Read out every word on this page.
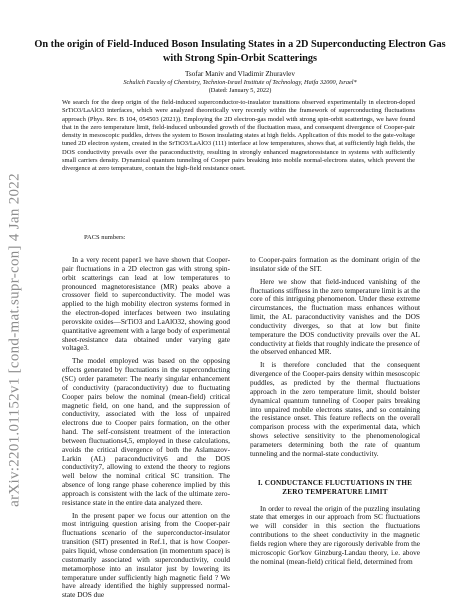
arXiv:2201.01152v1 [cond-mat.supr-con] 4 Jan 2022
On the origin of Field-Induced Boson Insulating States in a 2D Superconducting Electron Gas with Strong Spin-Orbit Scatterings
Tsofar Maniv and Vladimir Zhuravlev
Schulich Faculty of Chemistry, Technion-Israel Institute of Technology, Haifa 32000, Israel*
(Dated: January 5, 2022)
We search for the deep origin of the field-induced superconductor-to-insulator transitions observed experimentally in electron-doped SrTiO3/LaAlO3 interfaces, which were analyzed theoretically very recently within the framework of superconducting fluctuations approach (Phys. Rev. B 104, 054503 (2021)). Employing the 2D electron-gas model with strong spin-orbit scatterings, we have found that in the zero temperature limit, field-induced unbounded growth of the fluctuation mass, and consequent divergence of Cooper-pair density in mesoscopic puddles, drives the system to Boson insulating states at high fields. Application of this model to the gate-voltage tuned 2D electron system, created in the SrTiO3/LaAlO3 (111) interface at low temperatures, shows that, at sufficiently high fields, the DOS conductivity prevails over the paraconductivity, resulting in strongly enhanced magnetoresistance in systems with sufficiently small carriers density. Dynamical quantum tunneling of Cooper pairs breaking into mobile normal-electrons states, which prevent the divergence at zero temperature, contain the high-field resistance onset.
PACS numbers:

In a very recent paper1 we have shown that Cooper-pair fluctuations in a 2D electron gas with strong spin-orbit scatterings can lead at low temperatures to pronounced magnetoresistance (MR) peaks above a crossover field to superconductivity. The model was applied to the high mobility electron systems formed in the electron-doped interfaces between two insulating perovskite oxides—SrTiO3 and LaAlO32, showing good quantitative agreement with a large body of experimental sheet-resistance data obtained under varying gate voltage3.

The model employed was based on the opposing effects generated by fluctuations in the superconducting (SC) order parameter: The nearly singular enhancement of conductivity (paraconductivity) due to fluctuating Cooper pairs below the nominal (mean-field) critical magnetic field, on one hand, and the suppression of conductivity, associated with the loss of unpaired electrons due to Cooper pairs formation, on the other hand. The self-consistent treatment of the interaction between fluctuations4,5, employed in these calculations, avoids the critical divergence of both the Aslamazov-Larkin (AL) paraconductivity6 and the DOS conductivity7, allowing to extend the theory to regions well below the nominal critical SC transition. The absence of long range phase coherence implied by this approach is consistent with the lack of the ultimate zero-resistance state in the entire data analyzed there.

In the present paper we focus our attention on the most intriguing question arising from the Cooper-pair fluctuations scenario of the superconductor-insulator transition (SIT) presented in Ref.1, that is how Cooper-pairs liquid, whose condensation (in momentum space) is customarily associated with superconductivity, could metamorphose into an insulator just by lowering its temperature under sufficiently high magnetic field ? We have already identified the highly suppressed normal-state DOS due

to Cooper-pairs formation as the dominant origin of the insulator side of the SIT.

Here we show that field-induced vanishing of the fluctuations stiffness in the zero temperature limit is at the core of this intriguing phenomenon. Under these extreme circumstances, the fluctuation mass enhances without limit, the AL paraconductivity vanishes and the DOS conductivity diverges, so that at low but finite temperature the DOS conductivity prevails over the AL conductivity at fields that roughly indicate the presence of the observed enhanced MR.

It is therefore concluded that the consequent divergence of the Cooper-pairs density within mesoscopic puddles, as predicted by the thermal fluctuations approach in the zero temperature limit, should bolster dynamical quantum tunneling of Cooper pairs breaking into unpaired mobile electrons states, and so containing the resistance onset. This feature reflects on the overall comparison process with the experimental data, which shows selective sensitivity to the phenomenological parameters determining both the rate of quantum tunneling and the normal-state conductivity.

I. CONDUCTANCE FLUCTUATIONS IN THE ZERO TEMPERATURE LIMIT

In order to reveal the origin of the puzzling insulating state that emerges in our approach from SC fluctuations we will consider in this section the fluctuations contributions to the sheet conductivity in the magnetic fields region where they are rigorously derivable from the microscopic Gor'kov Ginzburg-Landau theory, i.e. above the nominal (mean-field) critical field, determined from
